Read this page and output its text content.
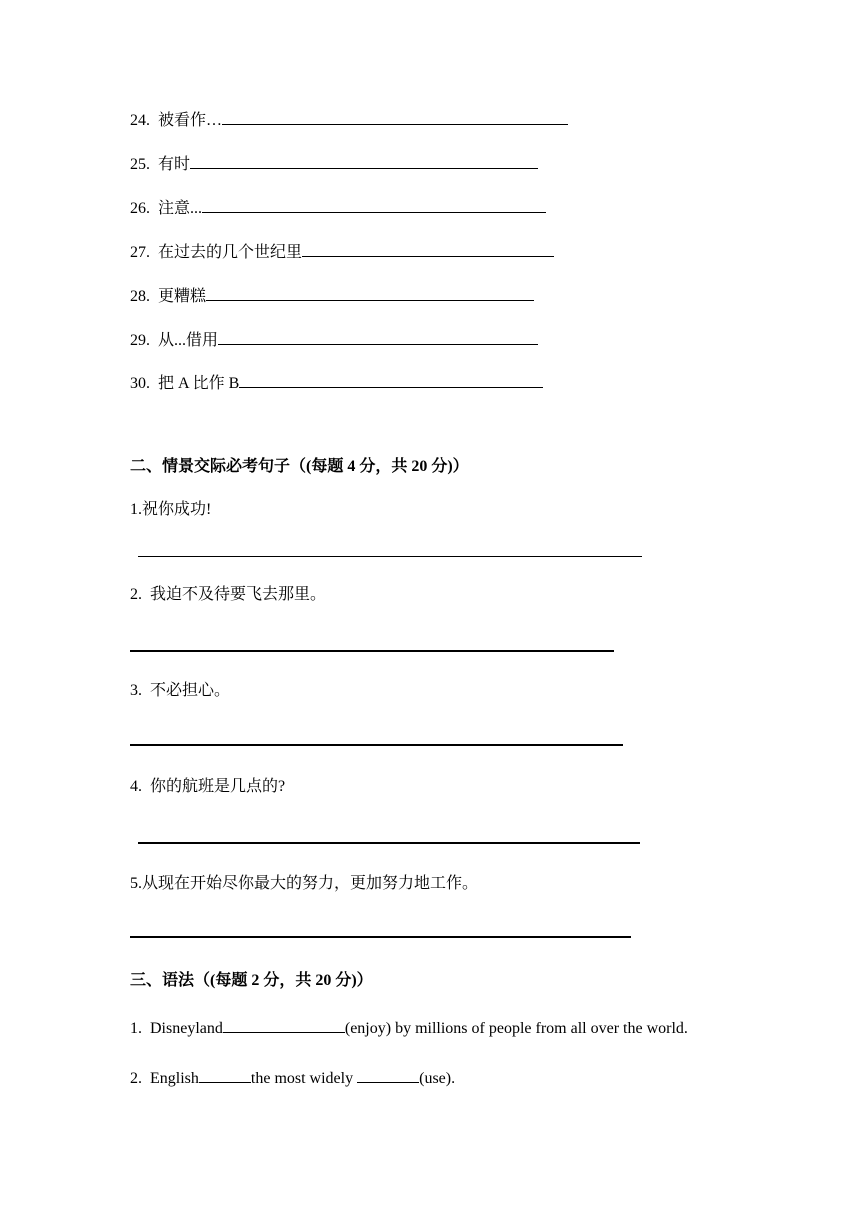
24. 被看作…
25. 有时
26. 注意...
27. 在过去的几个世纪里
28. 更糟糕
29. 从...借用
30. 把 A 比作 B
二、情景交际必考句子（(每题 4 分，共 20 分)）
1.祝你成功!
2. 我迫不及待要飞去那里。
3. 不必担心。
4. 你的航班是几点的?
5.从现在开始尽你最大的努力，更加努力地工作。
三、语法（(每题 2 分，共 20 分)）
1. Disneyland	(enjoy) by millions of people from all over the world.
2. English	the most widely	(use).
